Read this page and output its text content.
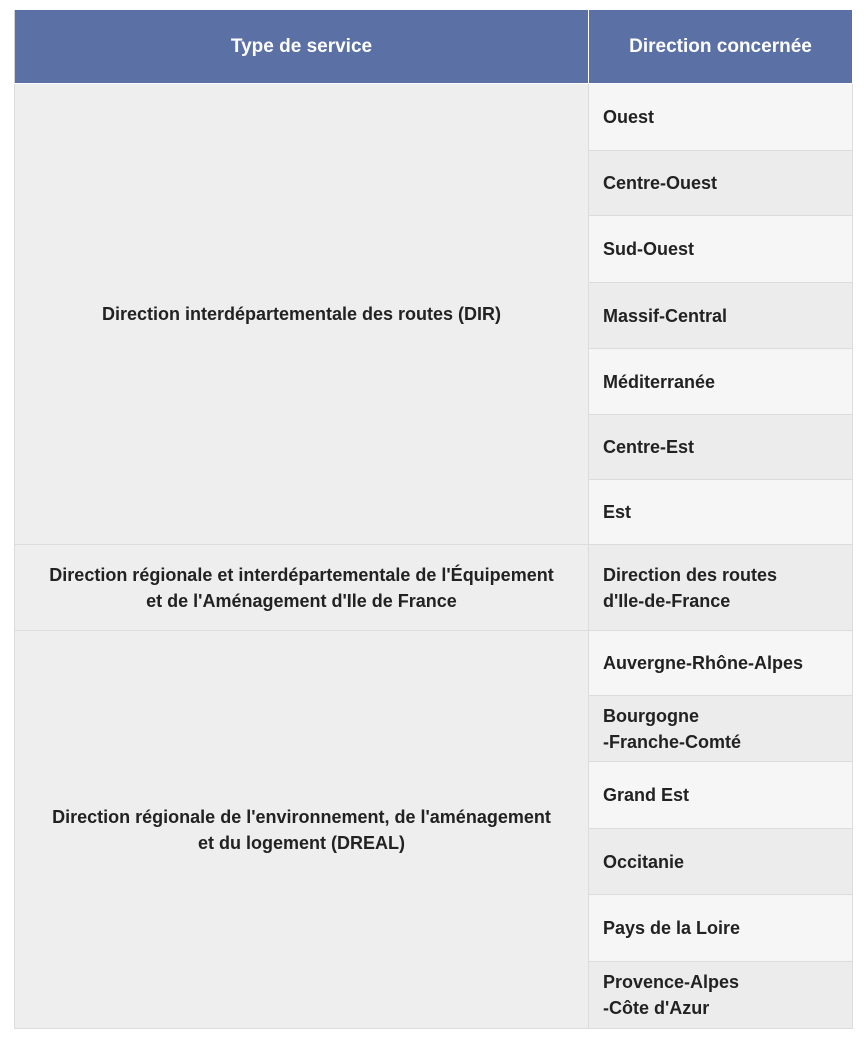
Type de service	Direction concernée
Direction interdépartementale des routes (DIR)	Ouest
	Centre-Ouest
	Sud-Ouest
	Massif-Central
	Méditerranée
	Centre-Est
	Est
Direction régionale et interdépartementale de l'Équipement
et de l'Aménagement d'Ile de France	Direction des routes
d'Ile-de-France
Direction régionale de l'environnement, de l'aménagement
et du logement (DREAL)	Auvergne-Rhône-Alpes
	Bourgogne
-Franche-Comté
	Grand Est
	Occitanie
	Pays de la Loire
	Provence-Alpes
-Côte d'Azur
